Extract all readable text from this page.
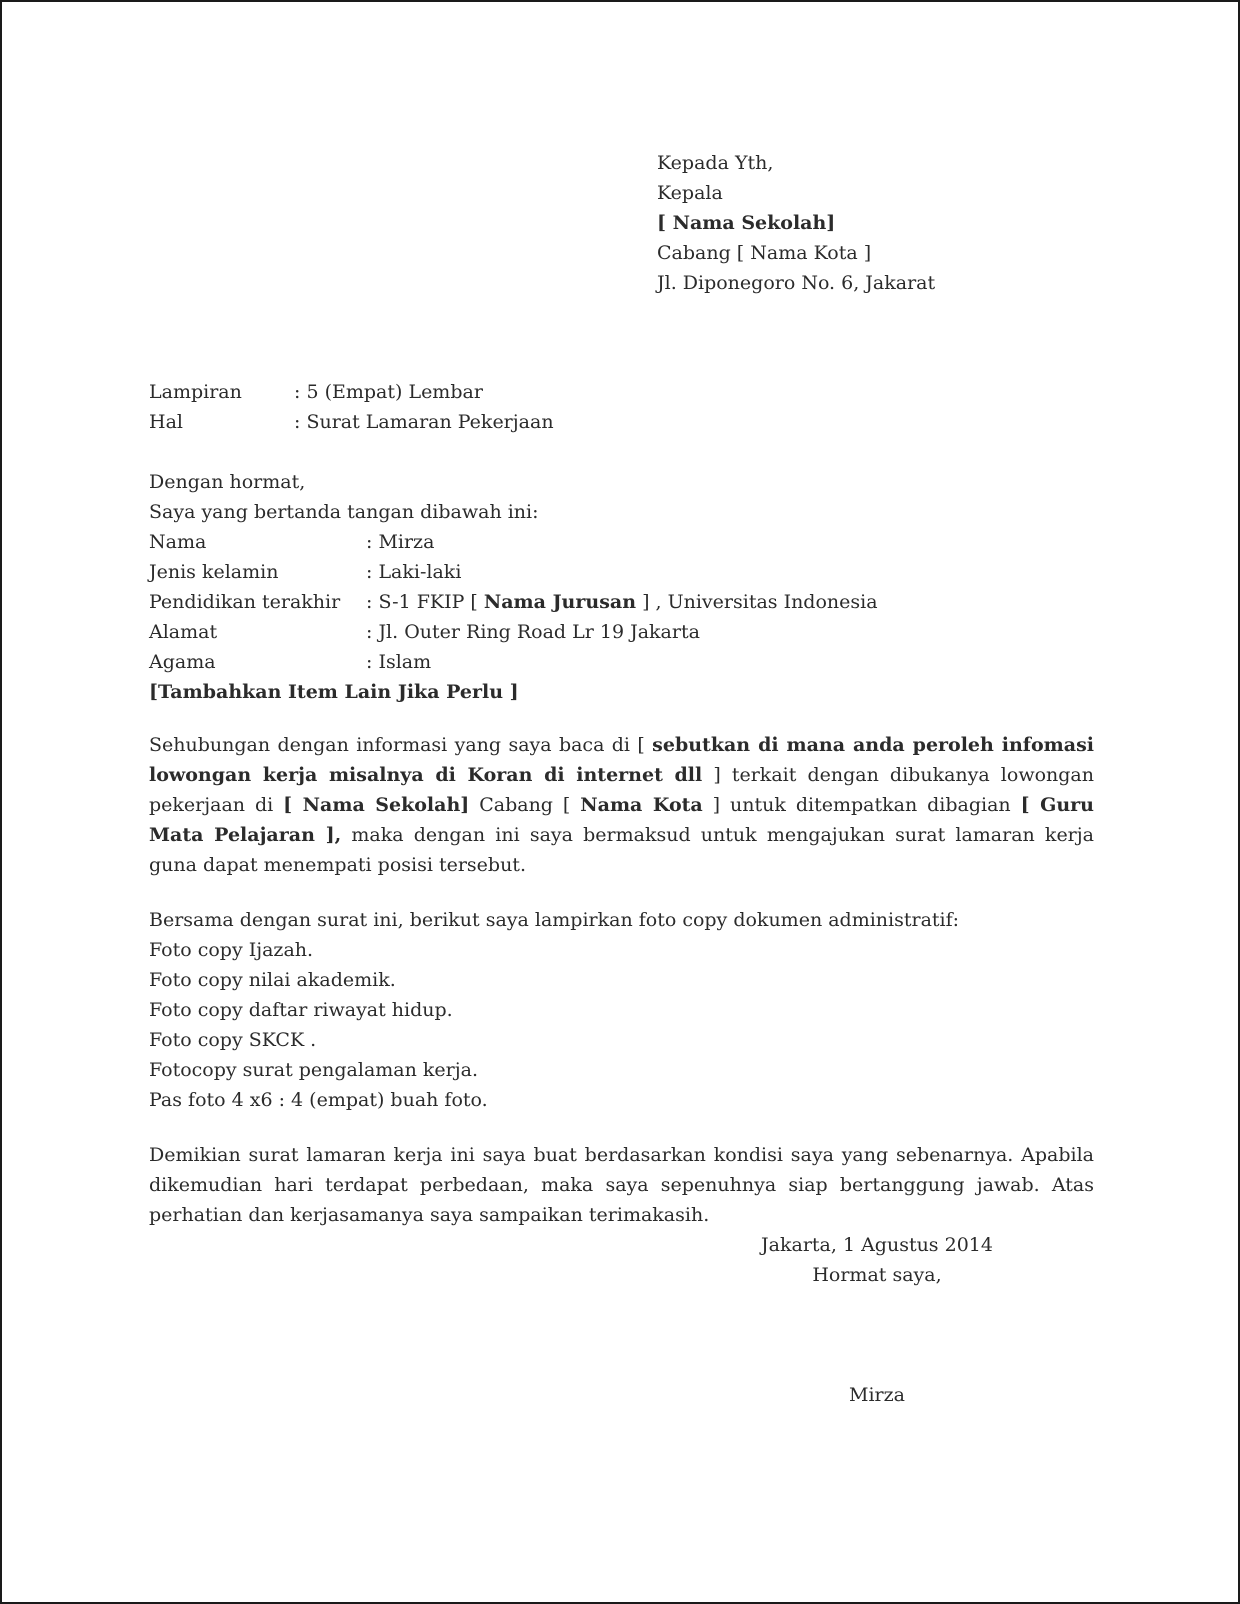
Kepada Yth,
Kepala
[ Nama Sekolah]
Cabang [ Nama Kota ]
Jl. Diponegoro No. 6, Jakarat
Lampiran	: 5 (Empat) Lembar
Hal	: Surat Lamaran Pekerjaan
Dengan hormat,
Saya yang bertanda tangan dibawah ini:
Nama	: Mirza
Jenis kelamin	: Laki-laki
Pendidikan terakhir : S-1 FKIP [ Nama Jurusan ] , Universitas Indonesia
Alamat	: Jl. Outer Ring Road Lr 19 Jakarta
Agama	: Islam
[Tambahkan Item Lain Jika Perlu ]
Sehubungan dengan informasi yang saya baca di [ sebutkan di mana anda peroleh infomasi lowongan kerja misalnya di Koran di internet dll ] terkait dengan dibukanya lowongan pekerjaan di [ Nama Sekolah] Cabang [ Nama Kota ] untuk ditempatkan dibagian [ Guru Mata Pelajaran ], maka dengan ini saya bermaksud untuk mengajukan surat lamaran kerja guna dapat menempati posisi tersebut.
Bersama dengan surat ini, berikut saya lampirkan foto copy dokumen administratif:
Foto copy Ijazah.
Foto copy nilai akademik.
Foto copy daftar riwayat hidup.
Foto copy SKCK .
Fotocopy surat pengalaman kerja.
Pas foto 4 x6 : 4 (empat) buah foto.
Demikian surat lamaran kerja ini saya buat berdasarkan kondisi saya yang sebenarnya. Apabila dikemudian hari terdapat perbedaan, maka saya sepenuhnya siap bertanggung jawab. Atas perhatian dan kerjasamanya saya sampaikan terimakasih.
Jakarta, 1 Agustus 2014
Hormat saya,
Mirza
